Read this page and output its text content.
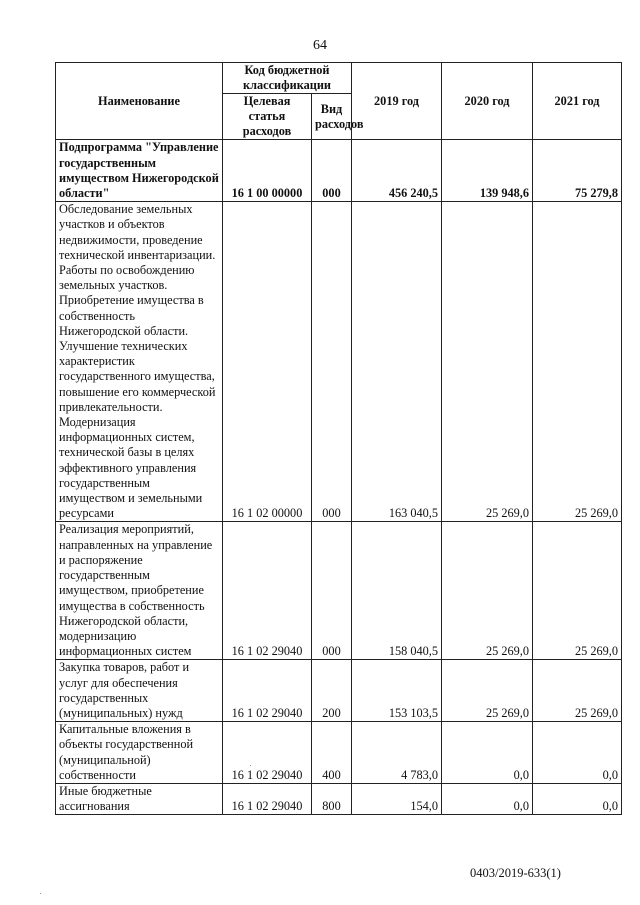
64
Наименование	Код бюджетной классификации		2019 год	2020 год	2021 год
	Целевая статья расходов	Вид расходов			
Подпрограмма "Управление государственным имуществом Нижегородской области"	16 1 00 00000	000	456 240,5	139 948,6	75 279,8
Обследование земельных участков и объектов недвижимости, проведение технической инвентаризации. Работы по освобождению земельных участков. Приобретение имущества в собственность Нижегородской области. Улучшение технических характеристик государственного имущества, повышение его коммерческой привлекательности. Модернизация информационных систем, технической базы в целях эффективного управления государственным имуществом и земельными ресурсами	16 1 02 00000	000	163 040,5	25 269,0	25 269,0
Реализация мероприятий, направленных на управление и распоряжение государственным имуществом, приобретение имущества в собственность Нижегородской области, модернизацию информационных систем	16 1 02 29040	000	158 040,5	25 269,0	25 269,0
Закупка товаров, работ и услуг для обеспечения государственных (муниципальных) нужд	16 1 02 29040	200	153 103,5	25 269,0	25 269,0
Капитальные вложения в объекты государственной (муниципальной) собственности	16 1 02 29040	400	4 783,0	0,0	0,0
Иные бюджетные ассигнования	16 1 02 29040	800	154,0	0,0	0,0
0403/2019-633(1)
